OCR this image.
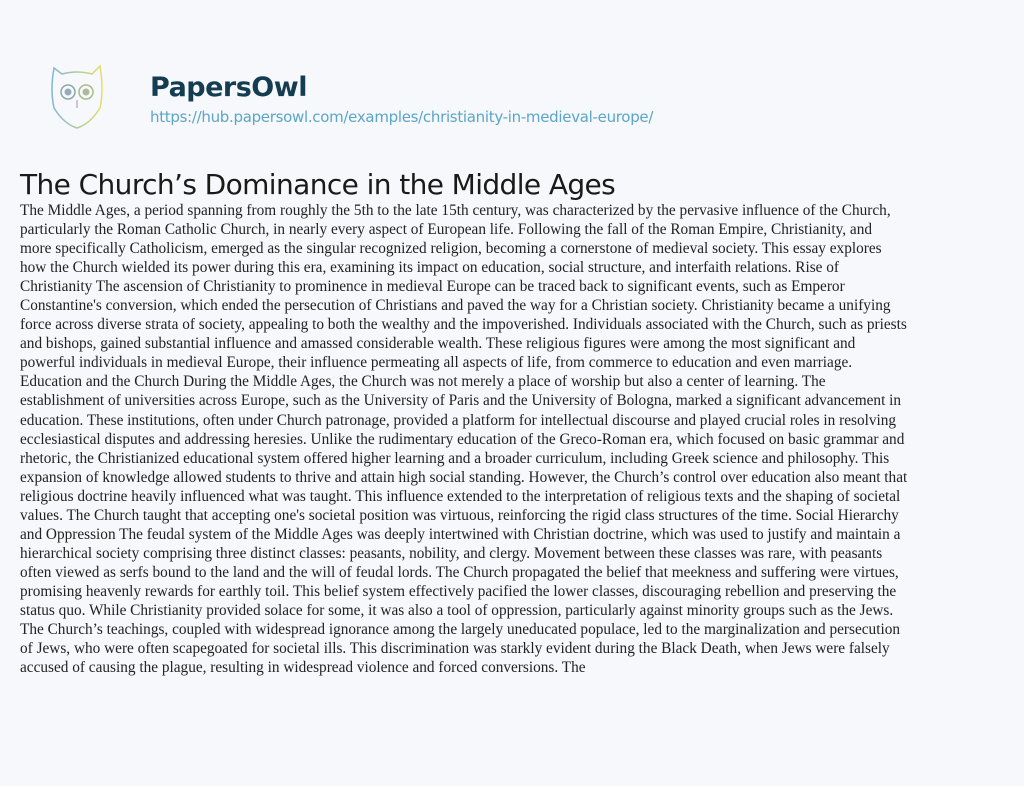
PapersOwl
https://hub.papersowl.com/examples/christianity-in-medieval-europe/
The Church’s Dominance in the Middle Ages
The Middle Ages, a period spanning from roughly the 5th to the late 15th century, was characterized by the pervasive influence of the Church,
particularly the Roman Catholic Church, in nearly every aspect of European life. Following the fall of the Roman Empire, Christianity, and
more specifically Catholicism, emerged as the singular recognized religion, becoming a cornerstone of medieval society. This essay explores
how the Church wielded its power during this era, examining its impact on education, social structure, and interfaith relations. Rise of
Christianity The ascension of Christianity to prominence in medieval Europe can be traced back to significant events, such as Emperor
Constantine's conversion, which ended the persecution of Christians and paved the way for a Christian society. Christianity became a unifying
force across diverse strata of society, appealing to both the wealthy and the impoverished. Individuals associated with the Church, such as priests
and bishops, gained substantial influence and amassed considerable wealth. These religious figures were among the most significant and
powerful individuals in medieval Europe, their influence permeating all aspects of life, from commerce to education and even marriage.
Education and the Church During the Middle Ages, the Church was not merely a place of worship but also a center of learning. The
establishment of universities across Europe, such as the University of Paris and the University of Bologna, marked a significant advancement in
education. These institutions, often under Church patronage, provided a platform for intellectual discourse and played crucial roles in resolving
ecclesiastical disputes and addressing heresies. Unlike the rudimentary education of the Greco-Roman era, which focused on basic grammar and
rhetoric, the Christianized educational system offered higher learning and a broader curriculum, including Greek science and philosophy. This
expansion of knowledge allowed students to thrive and attain high social standing. However, the Church’s control over education also meant that
religious doctrine heavily influenced what was taught. This influence extended to the interpretation of religious texts and the shaping of societal
values. The Church taught that accepting one's societal position was virtuous, reinforcing the rigid class structures of the time. Social Hierarchy
and Oppression The feudal system of the Middle Ages was deeply intertwined with Christian doctrine, which was used to justify and maintain a
hierarchical society comprising three distinct classes: peasants, nobility, and clergy. Movement between these classes was rare, with peasants
often viewed as serfs bound to the land and the will of feudal lords. The Church propagated the belief that meekness and suffering were virtues,
promising heavenly rewards for earthly toil. This belief system effectively pacified the lower classes, discouraging rebellion and preserving the
status quo. While Christianity provided solace for some, it was also a tool of oppression, particularly against minority groups such as the Jews.
The Church’s teachings, coupled with widespread ignorance among the largely uneducated populace, led to the marginalization and persecution
of Jews, who were often scapegoated for societal ills. This discrimination was starkly evident during the Black Death, when Jews were falsely
accused of causing the plague, resulting in widespread violence and forced conversions. The
